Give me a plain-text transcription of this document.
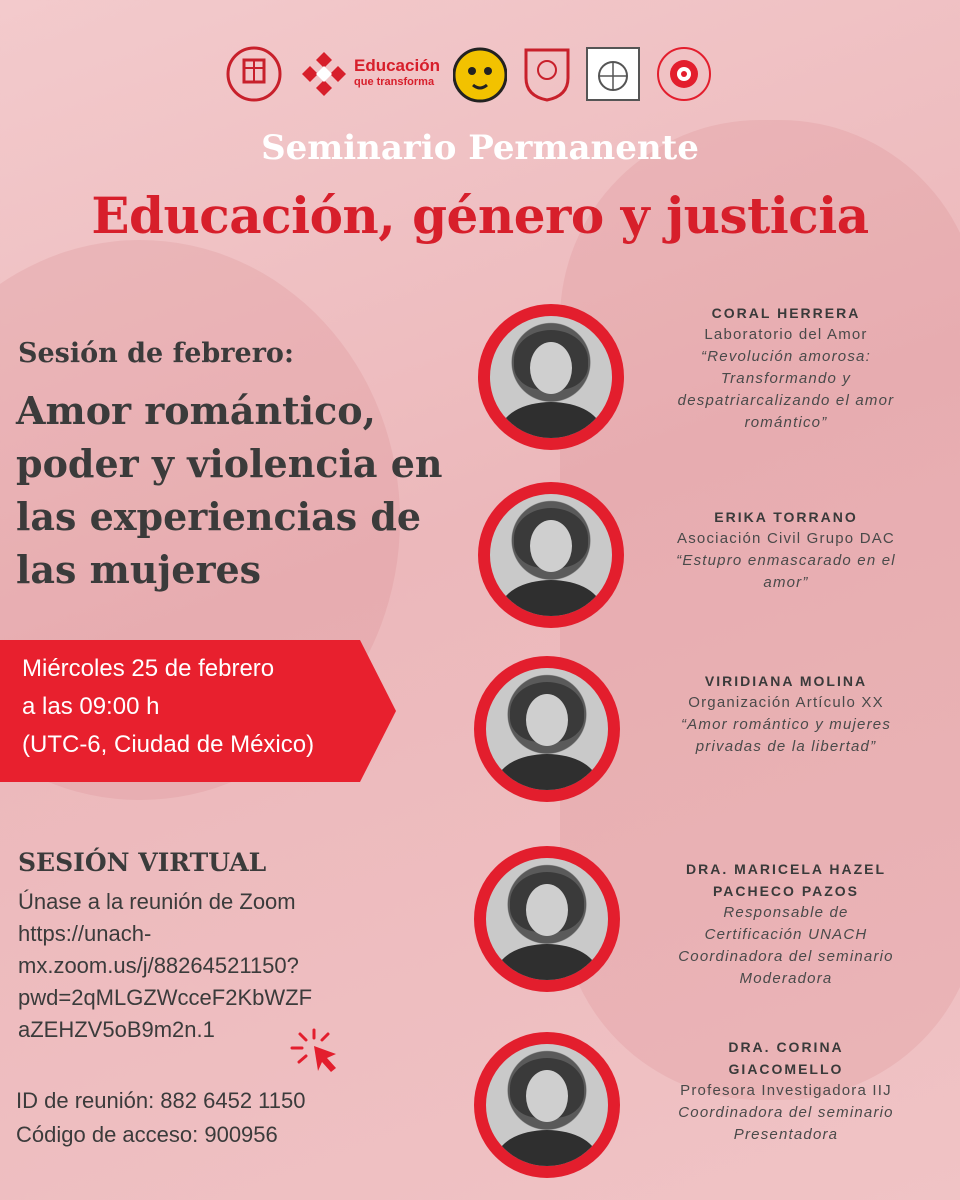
Educación
que transforma
Seminario Permanente
Educación, género y justicia
Sesión de febrero:
Amor romántico,
poder y violencia en
las experiencias de
las mujeres
Miércoles 25 de febrero
a las 09:00 h
(UTC-6, Ciudad de México)
SESIÓN VIRTUAL
Únase a la reunión de Zoom
https://unach-
mx.zoom.us/j/88264521150?
pwd=2qMLGZWcceF2KbWZF
aZEHZV5oB9m2n.1
ID de reunión: 882 6452 1150
Código de acceso: 900956
CORAL HERRERA
Laboratorio del Amor
“Revolución amorosa:
Transformando y
despatriarcalizando el amor
romántico”
ERIKA TORRANO
Asociación Civil Grupo DAC
“Estupro enmascarado en el
amor”
VIRIDIANA MOLINA
Organización Artículo XX
“Amor romántico y mujeres
privadas de la libertad”
DRA. MARICELA HAZEL
PACHECO PAZOS
Responsable de
Certificación UNACH
Coordinadora del seminario
Moderadora
DRA. CORINA
GIACOMELLO
Profesora Investigadora IIJ
Coordinadora del seminario
Presentadora
